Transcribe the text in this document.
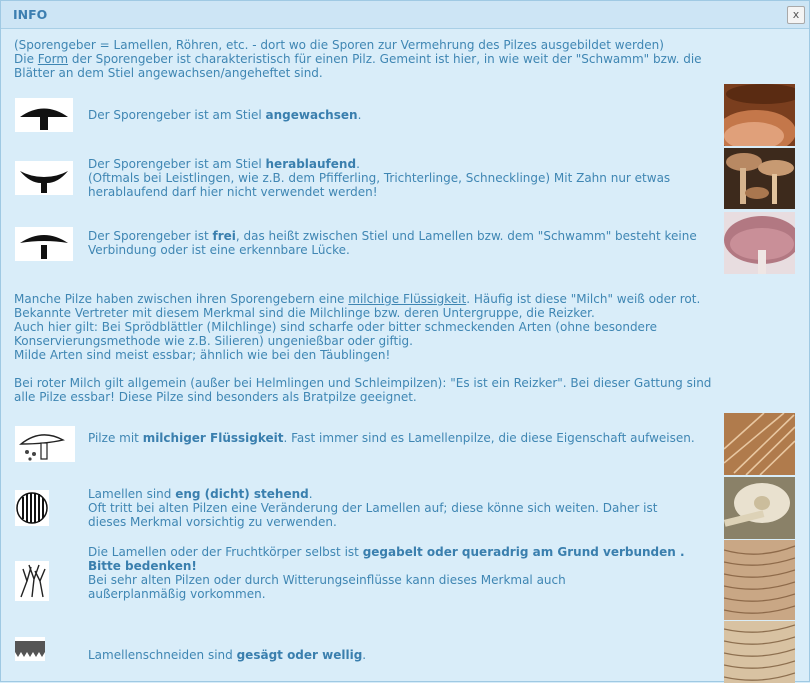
INFO	x
(Sporengeber = Lamellen, Röhren, etc. - dort wo die Sporen zur Vermehrung des Pilzes ausgebildet werden)
Die Form der Sporengeber ist charakteristisch für einen Pilz. Gemeint ist hier, in wie weit der "Schwamm" bzw. die
Blätter an dem Stiel angewachsen/angeheftet sind.
Der Sporengeber ist am Stiel angewachsen.
Der Sporengeber ist am Stiel herablaufend.
(Oftmals bei Leistlingen, wie z.B. dem Pfifferling, Trichterlinge, Schnecklinge) Mit Zahn nur etwas herablaufend darf hier nicht verwendet werden!
Der Sporengeber ist frei, das heißt zwischen Stiel und Lamellen bzw. dem "Schwamm" besteht keine Verbindung oder ist eine erkennbare Lücke.
Manche Pilze haben zwischen ihren Sporengebern eine milchige Flüssigkeit. Häufig ist diese "Milch" weiß oder rot.
Bekannte Vertreter mit diesem Merkmal sind die Milchlinge bzw. deren Untergruppe, die Reizker.
Auch hier gilt: Bei Sprödblättler (Milchlinge) sind scharfe oder bitter schmeckenden Arten (ohne besondere
Konservierungsmethode wie z.B. Silieren) ungenießbar oder giftig.
Milde Arten sind meist essbar; ähnlich wie bei den Täublingen!
Bei roter Milch gilt allgemein (außer bei Helmlingen und Schleimpilzen): "Es ist ein Reizker". Bei dieser Gattung sind
alle Pilze essbar! Diese Pilze sind besonders als Bratpilze geeignet.
Pilze mit milchiger Flüssigkeit. Fast immer sind es Lamellenpilze, die diese Eigenschaft aufweisen.
Lamellen sind eng (dicht) stehend.
Oft tritt bei alten Pilzen eine Veränderung der Lamellen auf; diese könne sich weiten. Daher ist dieses Merkmal vorsichtig zu verwenden.
Die Lamellen oder der Fruchtkörper selbst ist gegabelt oder queradrig am Grund verbunden .
Bitte bedenken!
Bei sehr alten Pilzen oder durch Witterungseinflüsse kann dieses Merkmal auch außerplanmäßig vorkommen.
Lamellenschneiden sind gesägt oder wellig.
